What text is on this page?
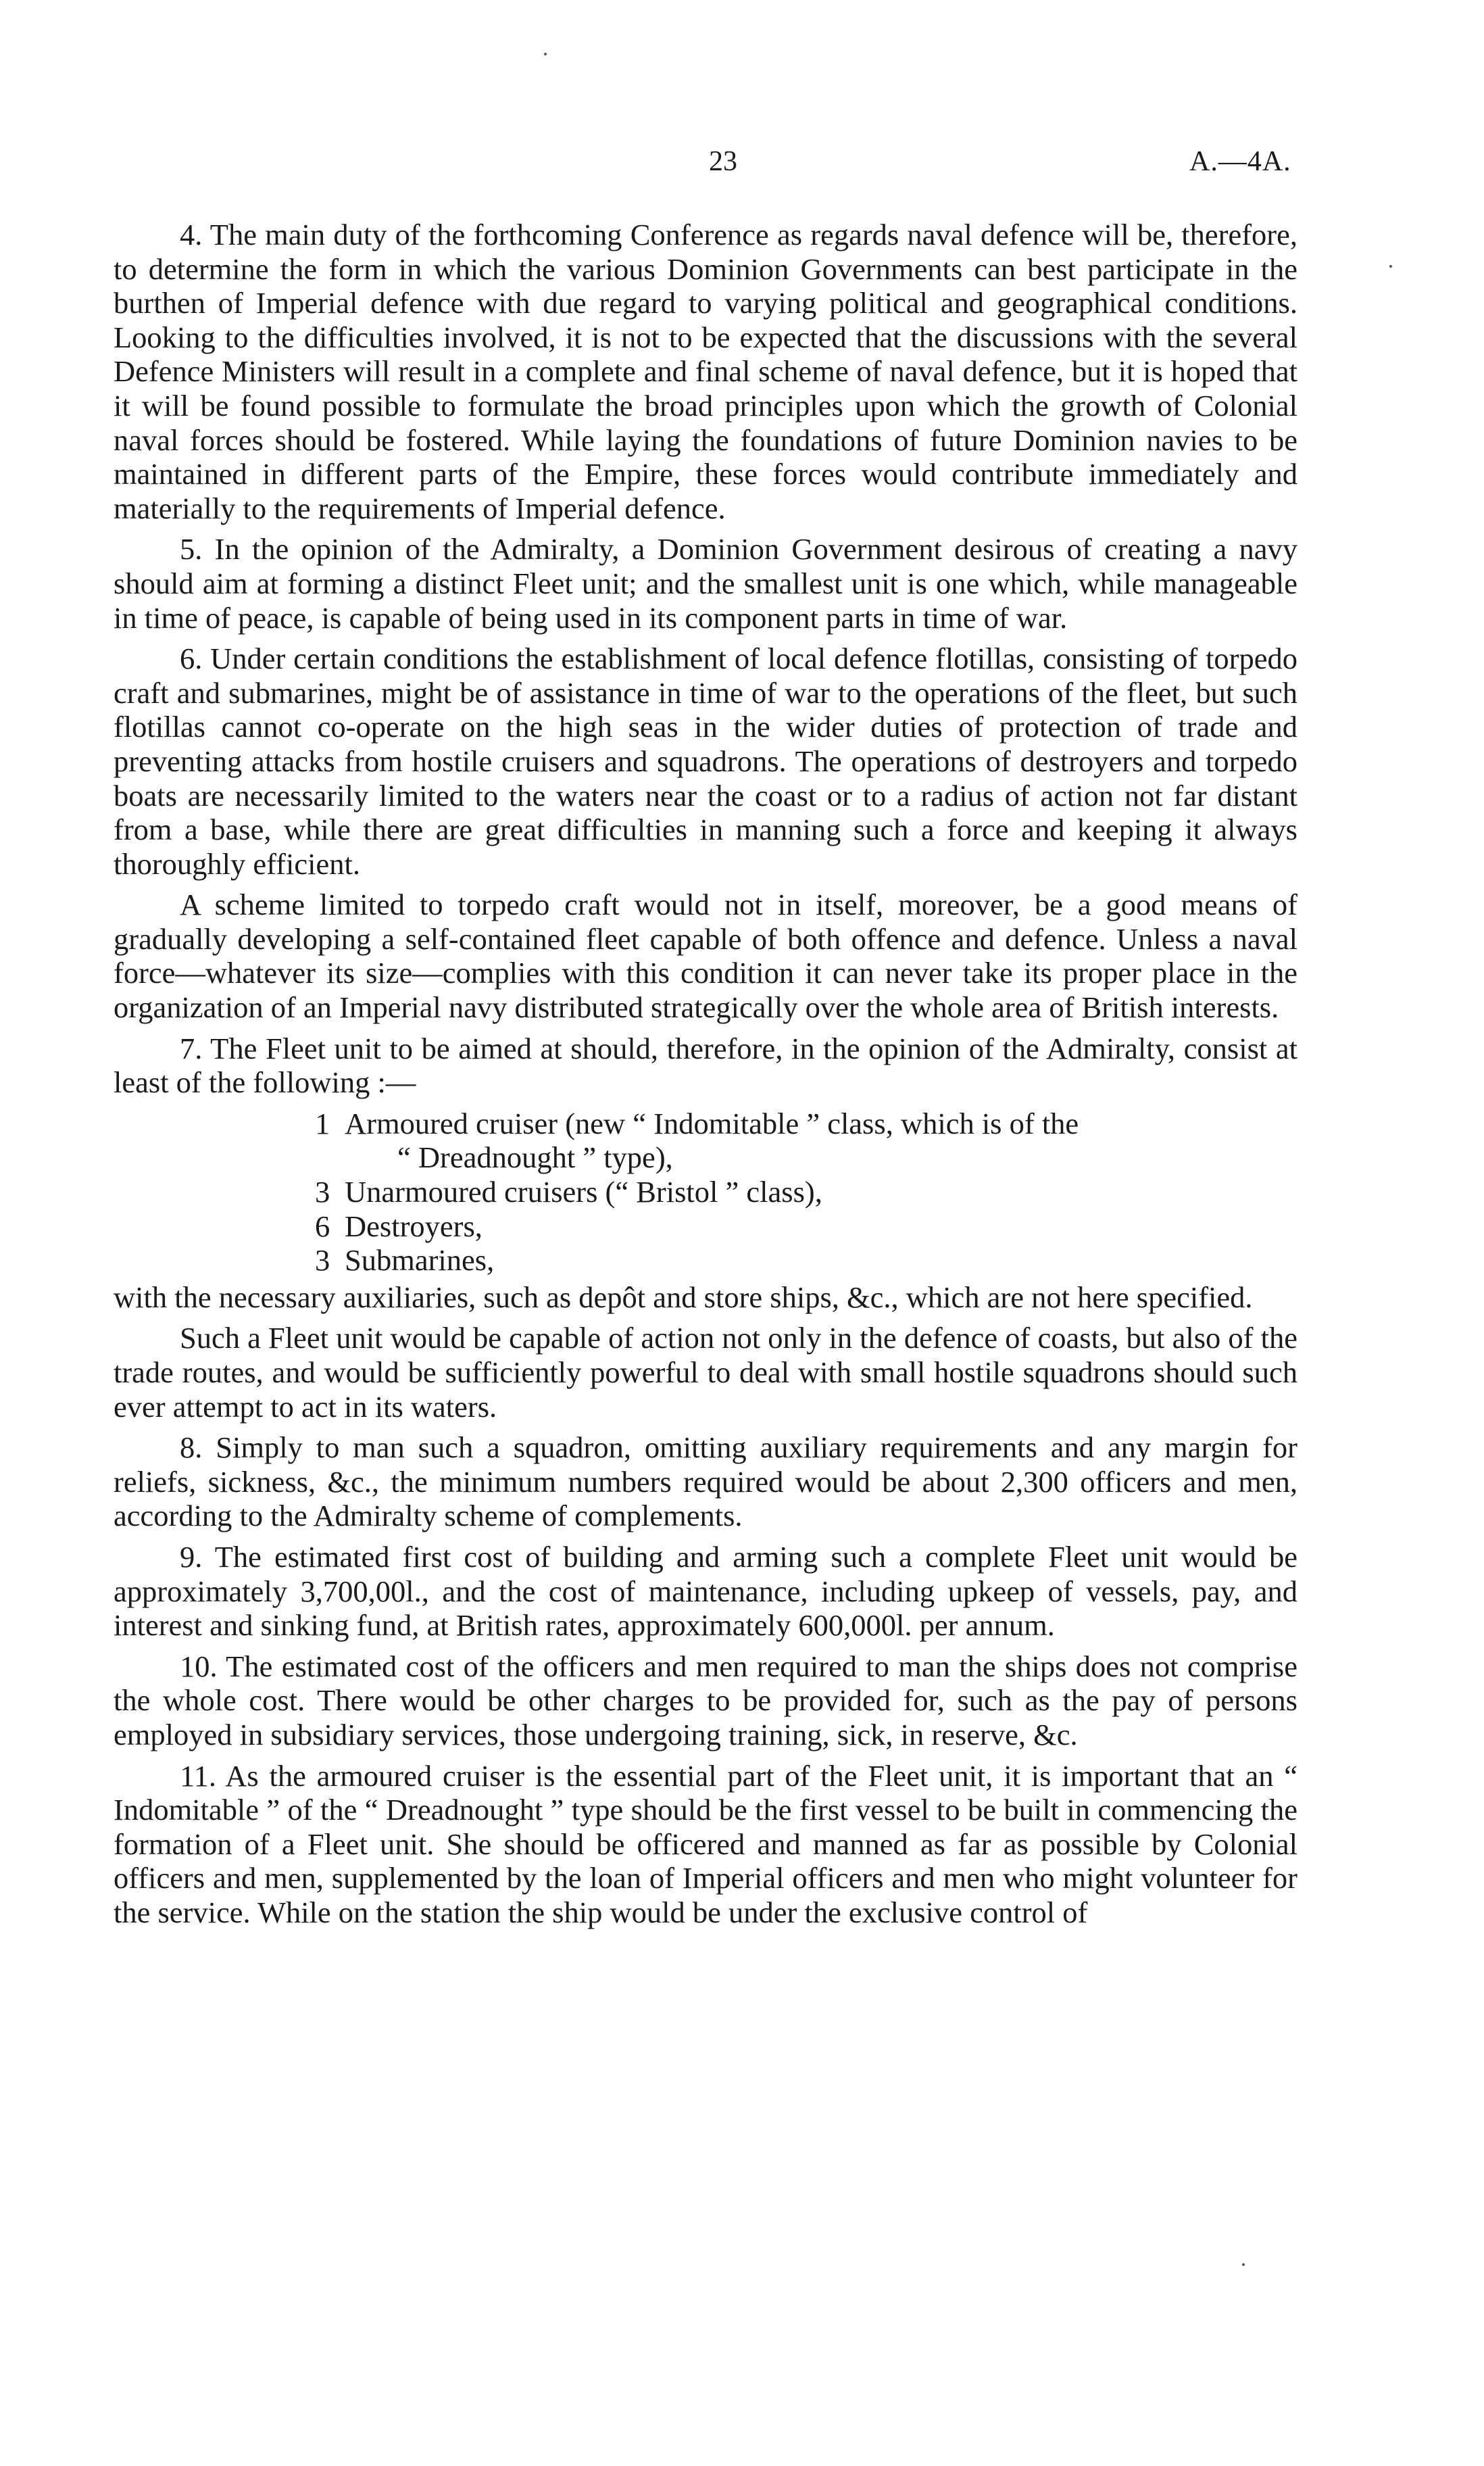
23	A.—4A.

4. The main duty of the forthcoming Conference as regards naval defence will be, therefore, to determine the form in which the various Dominion Governments can best participate in the burthen of Imperial defence with due regard to varying political and geographical conditions. Looking to the difficulties involved, it is not to be expected that the discussions with the several Defence Ministers will result in a complete and final scheme of naval defence, but it is hoped that it will be found possible to formulate the broad principles upon which the growth of Colonial naval forces should be fostered. While laying the foundations of future Dominion navies to be maintained in different parts of the Empire, these forces would contribute immediately and materially to the requirements of Imperial defence.

5. In the opinion of the Admiralty, a Dominion Government desirous of creating a navy should aim at forming a distinct Fleet unit; and the smallest unit is one which, while manageable in time of peace, is capable of being used in its component parts in time of war.

6. Under certain conditions the establishment of local defence flotillas, consisting of torpedo craft and submarines, might be of assistance in time of war to the operations of the fleet, but such flotillas cannot co-operate on the high seas in the wider duties of protection of trade and preventing attacks from hostile cruisers and squadrons. The operations of destroyers and torpedo boats are necessarily limited to the waters near the coast or to a radius of action not far distant from a base, while there are great difficulties in manning such a force and keeping it always thoroughly efficient.

A scheme limited to torpedo craft would not in itself, moreover, be a good means of gradually developing a self-contained fleet capable of both offence and defence. Unless a naval force—whatever its size—complies with this condition it can never take its proper place in the organization of an Imperial navy distributed strategically over the whole area of British interests.

7. The Fleet unit to be aimed at should, therefore, in the opinion of the Admiralty, consist at least of the following :—

1 Armoured cruiser (new “ Indomitable ” class, which is of the
“ Dreadnought ” type),
3 Unarmoured cruisers (“ Bristol ” class),
6 Destroyers,
3 Submarines,

with the necessary auxiliaries, such as depôt and store ships, &c., which are not here specified.

Such a Fleet unit would be capable of action not only in the defence of coasts, but also of the trade routes, and would be sufficiently powerful to deal with small hostile squadrons should such ever attempt to act in its waters.

8. Simply to man such a squadron, omitting auxiliary requirements and any margin for reliefs, sickness, &c., the minimum numbers required would be about 2,300 officers and men, according to the Admiralty scheme of complements.

9. The estimated first cost of building and arming such a complete Fleet unit would be approximately 3,700,00l., and the cost of maintenance, including upkeep of vessels, pay, and interest and sinking fund, at British rates, approximately 600,000l. per annum.

10. The estimated cost of the officers and men required to man the ships does not comprise the whole cost. There would be other charges to be provided for, such as the pay of persons employed in subsidiary services, those undergoing training, sick, in reserve, &c.

11. As the armoured cruiser is the essential part of the Fleet unit, it is important that an “ Indomitable ” of the “ Dreadnought ” type should be the first vessel to be built in commencing the formation of a Fleet unit. She should be officered and manned as far as possible by Colonial officers and men, supplemented by the loan of Imperial officers and men who might volunteer for the service. While on the station the ship would be under the exclusive control of
